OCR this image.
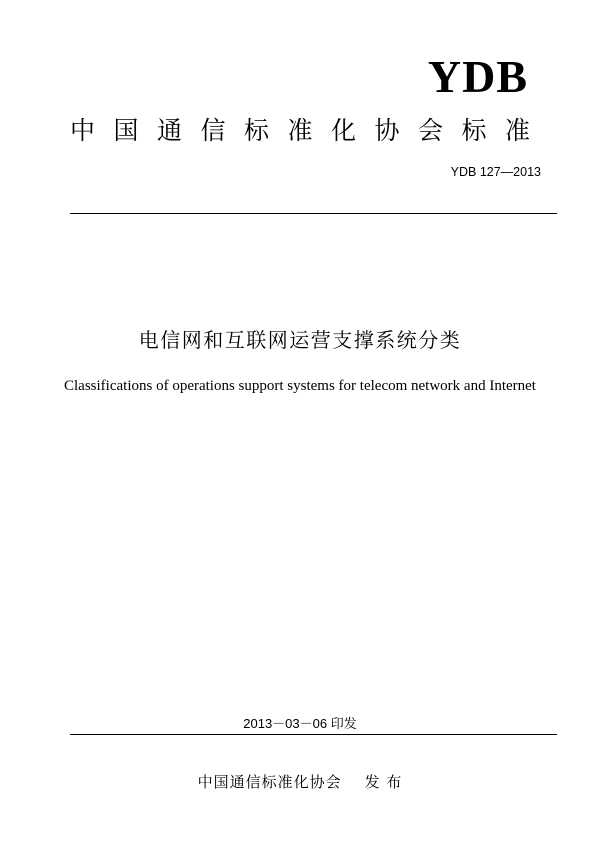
YDB
中国通信标准化协会标准
YDB 127—2013
电信网和互联网运营支撑系统分类
Classifications of operations support systems for telecom network and Internet
2013－03－06 印发
中国通信标准化协会    发 布
